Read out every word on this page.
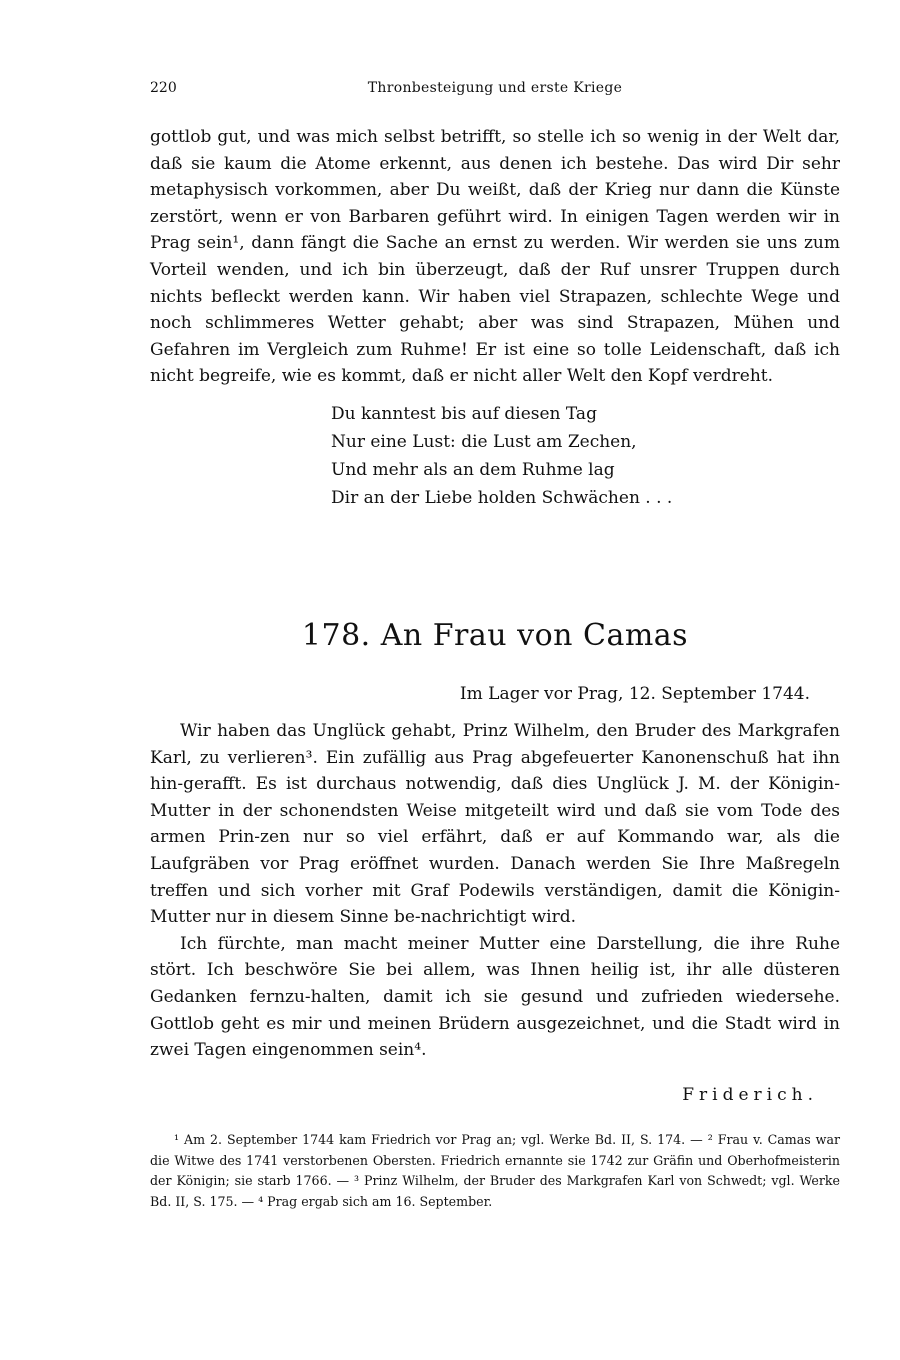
220	Thronbesteigung und erste Kriege

gottlob gut, und was mich selbst betrifft, so stelle ich so wenig in der Welt dar, daß sie kaum die Atome erkennt, aus denen ich bestehe. Das wird Dir sehr metaphysisch vorkommen, aber Du weißt, daß der Krieg nur dann die Künste zerstört, wenn er von Barbaren geführt wird. In einigen Tagen werden wir in Prag sein¹, dann fängt die Sache an ernst zu werden. Wir werden sie uns zum Vorteil wenden, und ich bin überzeugt, daß der Ruf unsrer Truppen durch nichts befleckt werden kann. Wir haben viel Strapazen, schlechte Wege und noch schlimmeres Wetter gehabt; aber was sind Strapazen, Mühen und Gefahren im Vergleich zum Ruhme! Er ist eine so tolle Leidenschaft, daß ich nicht begreife, wie es kommt, daß er nicht aller Welt den Kopf verdreht.

Du kanntest bis auf diesen Tag
Nur eine Lust: die Lust am Zechen,
Und mehr als an dem Ruhme lag
Dir an der Liebe holden Schwächen . . .
178. An Frau von Camas
Im Lager vor Prag, 12. September 1744.

Wir haben das Unglück gehabt, Prinz Wilhelm, den Bruder des Markgrafen Karl, zu verlieren³. Ein zufällig aus Prag abgefeuerter Kanonenschuß hat ihn hin-gerafft. Es ist durchaus notwendig, daß dies Unglück J. M. der Königin-Mutter in der schonendsten Weise mitgeteilt wird und daß sie vom Tode des armen Prin-zen nur so viel erfährt, daß er auf Kommando war, als die Laufgräben vor Prag eröffnet wurden. Danach werden Sie Ihre Maßregeln treffen und sich vorher mit Graf Podewils verständigen, damit die Königin-Mutter nur in diesem Sinne be-nachrichtigt wird.

Ich fürchte, man macht meiner Mutter eine Darstellung, die ihre Ruhe stört. Ich beschwöre Sie bei allem, was Ihnen heilig ist, ihr alle düsteren Gedanken fernzu-halten, damit ich sie gesund und zufrieden wiedersehe. Gottlob geht es mir und meinen Brüdern ausgezeichnet, und die Stadt wird in zwei Tagen eingenommen sein⁴.

Friderich.

¹ Am 2. September 1744 kam Friedrich vor Prag an; vgl. Werke Bd. II, S. 174. — ² Frau v. Camas war die Witwe des 1741 verstorbenen Obersten. Friedrich ernannte sie 1742 zur Gräfin und Oberhofmeisterin der Königin; sie starb 1766. — ³ Prinz Wilhelm, der Bruder des Markgrafen Karl von Schwedt; vgl. Werke Bd. II, S. 175. — ⁴ Prag ergab sich am 16. September.
